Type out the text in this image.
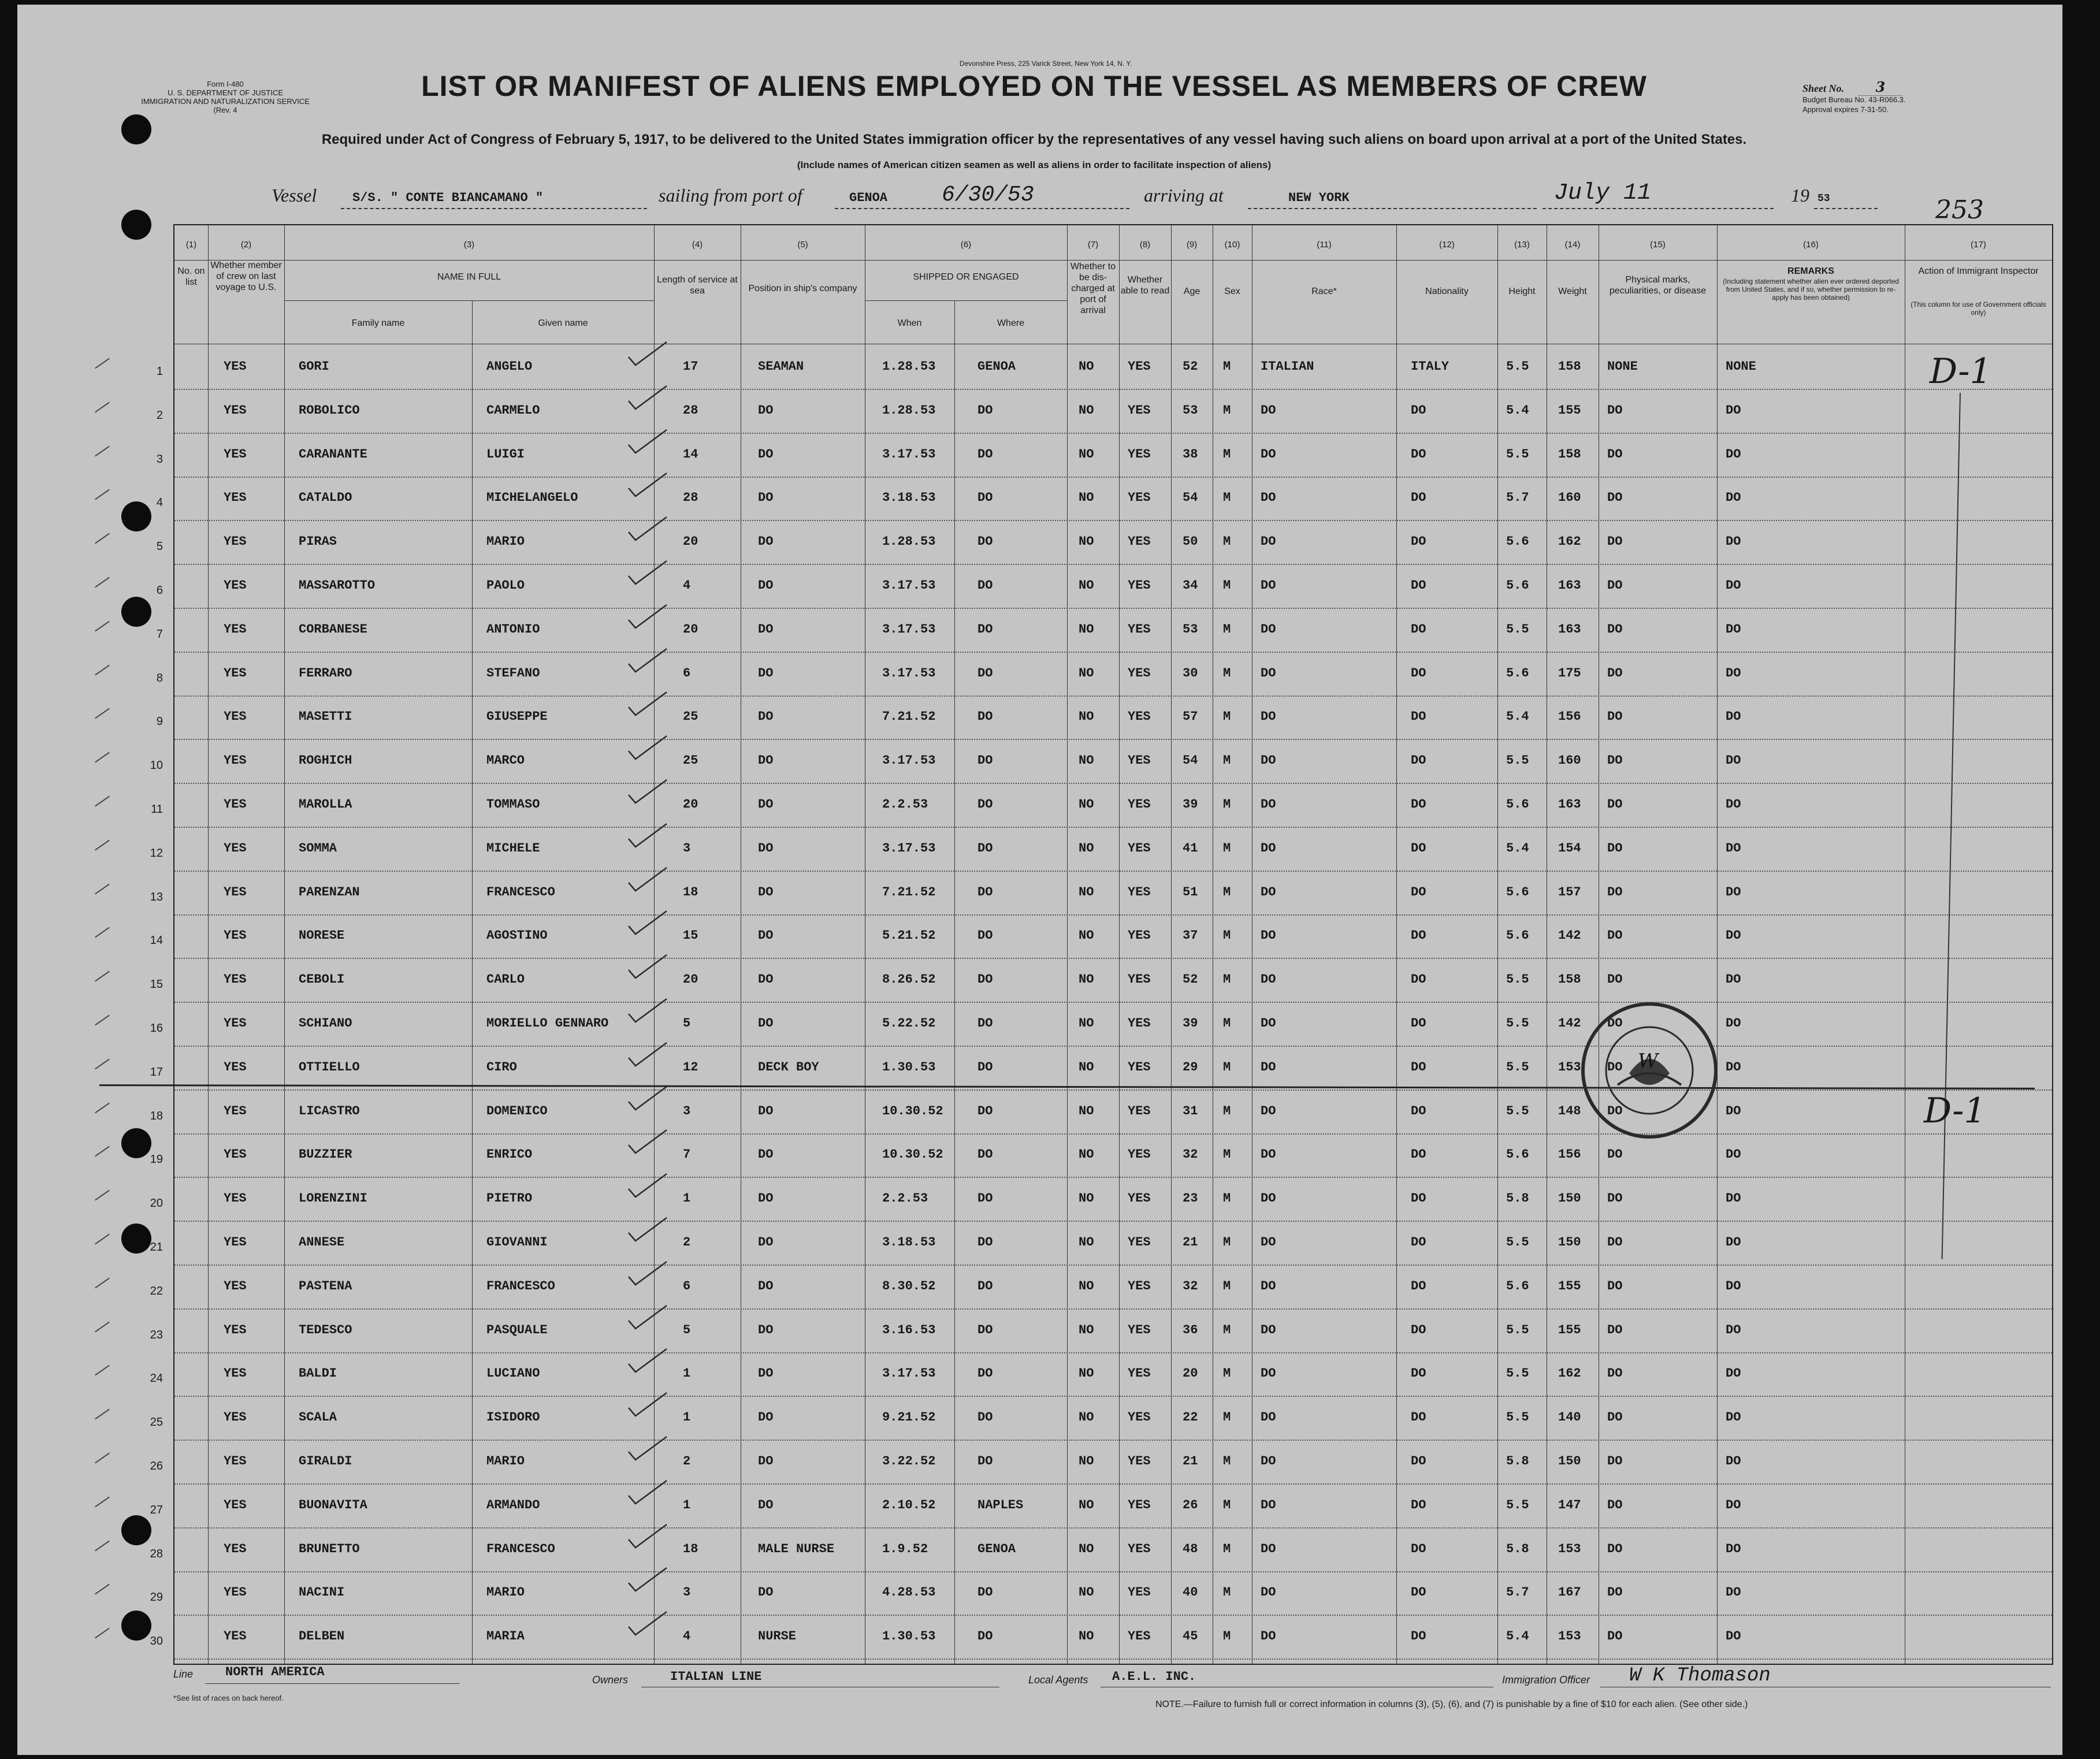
Form I-480
U. S. DEPARTMENT OF JUSTICE
IMMIGRATION AND NATURALIZATION SERVICE
(Rev. 4
Devonshire Press, 225 Varick Street, New York 14, N. Y.
LIST OR MANIFEST OF ALIENS EMPLOYED ON THE VESSEL AS MEMBERS OF CREW	Sheet No. 3
Budget Bureau No. 43-R066.3.
Approval expires 7-31-50.
Required under Act of Congress of February 5, 1917, to be delivered to the United States immigration officer by the representatives of any vessel having such aliens on board upon arrival at a port of the United States.
(Include names of American citizen seamen as well as aliens in order to facilitate inspection of aliens)
Vessel	S/S. " CONTE BIANCAMANO "	sailing from port of	GENOA 6/30/53	arriving at	NEW YORK	July 11	19 53	253
(1)	(2)	(3)	(4)	(5)	(6)	(7)	(8)	(9)	(10)	(11)	(12)	(13)	(14)	(15)	(16)	(17)
No. on list
Whether member of crew on last voyage to U.S.
NAME IN FULL
Family name	Given name
Length of service at sea	Position in ship's company
SHIPPED OR ENGAGED
When	Where
Whether to be dis-charged at port of arrival
Whether able to read	Age	Sex	Race*	Nationality	Height	Weight
Physical marks, peculiarities, or disease
REMARKS
(Including statement whether alien ever ordered deported from United States, and if so, whether permission to re-apply has been obtained)
Action of Immigrant Inspector
(This column for use of Government officials only)
1	YES	GORI	ANGELO	17	SEAMAN	1.28.53	GENOA	NO	YES	52 M ITALIAN	ITALY	5.5 158 NONE	NONE
2	YES	ROBOLICO	CARMELO	28	DO	1.28.53	DO	NO	YES	53 M DO	DO	5.4 155 DO	DO
3	YES	CARANANTE	LUIGI	14	DO	3.17.53	DO	NO	YES	38 M DO	DO	5.5 158 DO	DO
4	YES	CATALDO	MICHELANGELO	28	DO	3.18.53	DO	NO	YES	54 M DO	DO	5.7 160 DO	DO
5	YES	PIRAS	MARIO	20	DO	1.28.53	DO	NO	YES	50 M DO	DO	5.6 162 DO	DO
6	YES	MASSAROTTO	PAOLO	4	DO	3.17.53	DO	NO	YES	34 M DO	DO	5.6 163 DO	DO
7	YES	CORBANESE	ANTONIO	20	DO	3.17.53	DO	NO	YES	53 M DO	DO	5.5 163 DO	DO
8	YES	FERRARO	STEFANO	6	DO	3.17.53	DO	NO	YES	30 M DO	DO	5.6 175 DO	DO
9	YES	MASETTI	GIUSEPPE	25	DO	7.21.52	DO	NO	YES	57 M DO	DO	5.4 156 DO	DO
10	YES	ROGHICH	MARCO	25	DO	3.17.53	DO	NO	YES	54 M DO	DO	5.5 160 DO	DO
11	YES	MAROLLA	TOMMASO	20	DO	2.2.53	DO	NO	YES	39 M DO	DO	5.6 163 DO	DO
12	YES	SOMMA	MICHELE	3	DO	3.17.53	DO	NO	YES	41 M DO	DO	5.4 154 DO	DO
13	YES	PARENZAN	FRANCESCO	18	DO	7.21.52	DO	NO	YES	51 M DO	DO	5.6 157 DO	DO
14	YES	NORESE	AGOSTINO	15	DO	5.21.52	DO	NO	YES	37 M DO	DO	5.6 142 DO	DO
15	YES	CEBOLI	CARLO	20	DO	8.26.52	DO	NO	YES	52 M DO	DO	5.5 158 DO	DO
16	YES	SCHIANO	MORIELLO GENNARO	5	DO	5.22.52	DO	NO	YES	39 M DO	DO	5.5 142 DO	DO
17	YES	OTTIELLO	CIRO	12	DECK BOY	1.30.53	DO	NO	YES	29 M DO	DO	5.5 153 DO	DO
18	YES	LICASTRO	DOMENICO	3	DO	10.30.52	DO	NO	YES	31 M DO	DO	5.5 148 DO	DO
19	YES	BUZZIER	ENRICO	7	DO	10.30.52	DO	NO	YES	32 M DO	DO	5.6 156 DO	DO
20	YES	LORENZINI	PIETRO	1	DO	2.2.53	DO	NO	YES	23 M DO	DO	5.8 150 DO	DO
21	YES	ANNESE	GIOVANNI	2	DO	3.18.53	DO	NO	YES	21 M DO	DO	5.5 150 DO	DO
22	YES	PASTENA	FRANCESCO	6	DO	8.30.52	DO	NO	YES	32 M DO	DO	5.6 155 DO	DO
23	YES	TEDESCO	PASQUALE	5	DO	3.16.53	DO	NO	YES	36 M DO	DO	5.5 155 DO	DO
24	YES	BALDI	LUCIANO	1	DO	3.17.53	DO	NO	YES	20 M DO	DO	5.5 162 DO	DO
25	YES	SCALA	ISIDORO	1	DO	9.21.52	DO	NO	YES	22 M DO	DO	5.5 140 DO	DO
26	YES	GIRALDI	MARIO	2	DO	3.22.52	DO	NO	YES	21 M DO	DO	5.8 150 DO	DO
27	YES	BUONAVITA	ARMANDO	1	DO	2.10.52	NAPLES	NO	YES	26 M DO	DO	5.5 147 DO	DO
28	YES	BRUNETTO	FRANCESCO	18	MALE NURSE	1.9.52	GENOA	NO	YES	48 M DO	DO	5.8 153 DO	DO
29	YES	NACINI	MARIO	3	DO	4.28.53	DO	NO	YES	40 M DO	DO	5.7 167 DO	DO
30	YES	DELBEN	MARIA	4	NURSE	1.30.53	DO	NO	YES	45 M DO	DO	5.4 153 DO	DO
D-1
D-1
W
Line	NORTH AMERICA
Owners	ITALIAN LINE	Local Agents A.E.L. INC.	Immigration Officer W K Thomason
*See list of races on back hereof.
NOTE.—Failure to furnish full or correct information in columns (3), (5), (6), and (7) is punishable by a fine of $10 for each alien. (See other side.)
